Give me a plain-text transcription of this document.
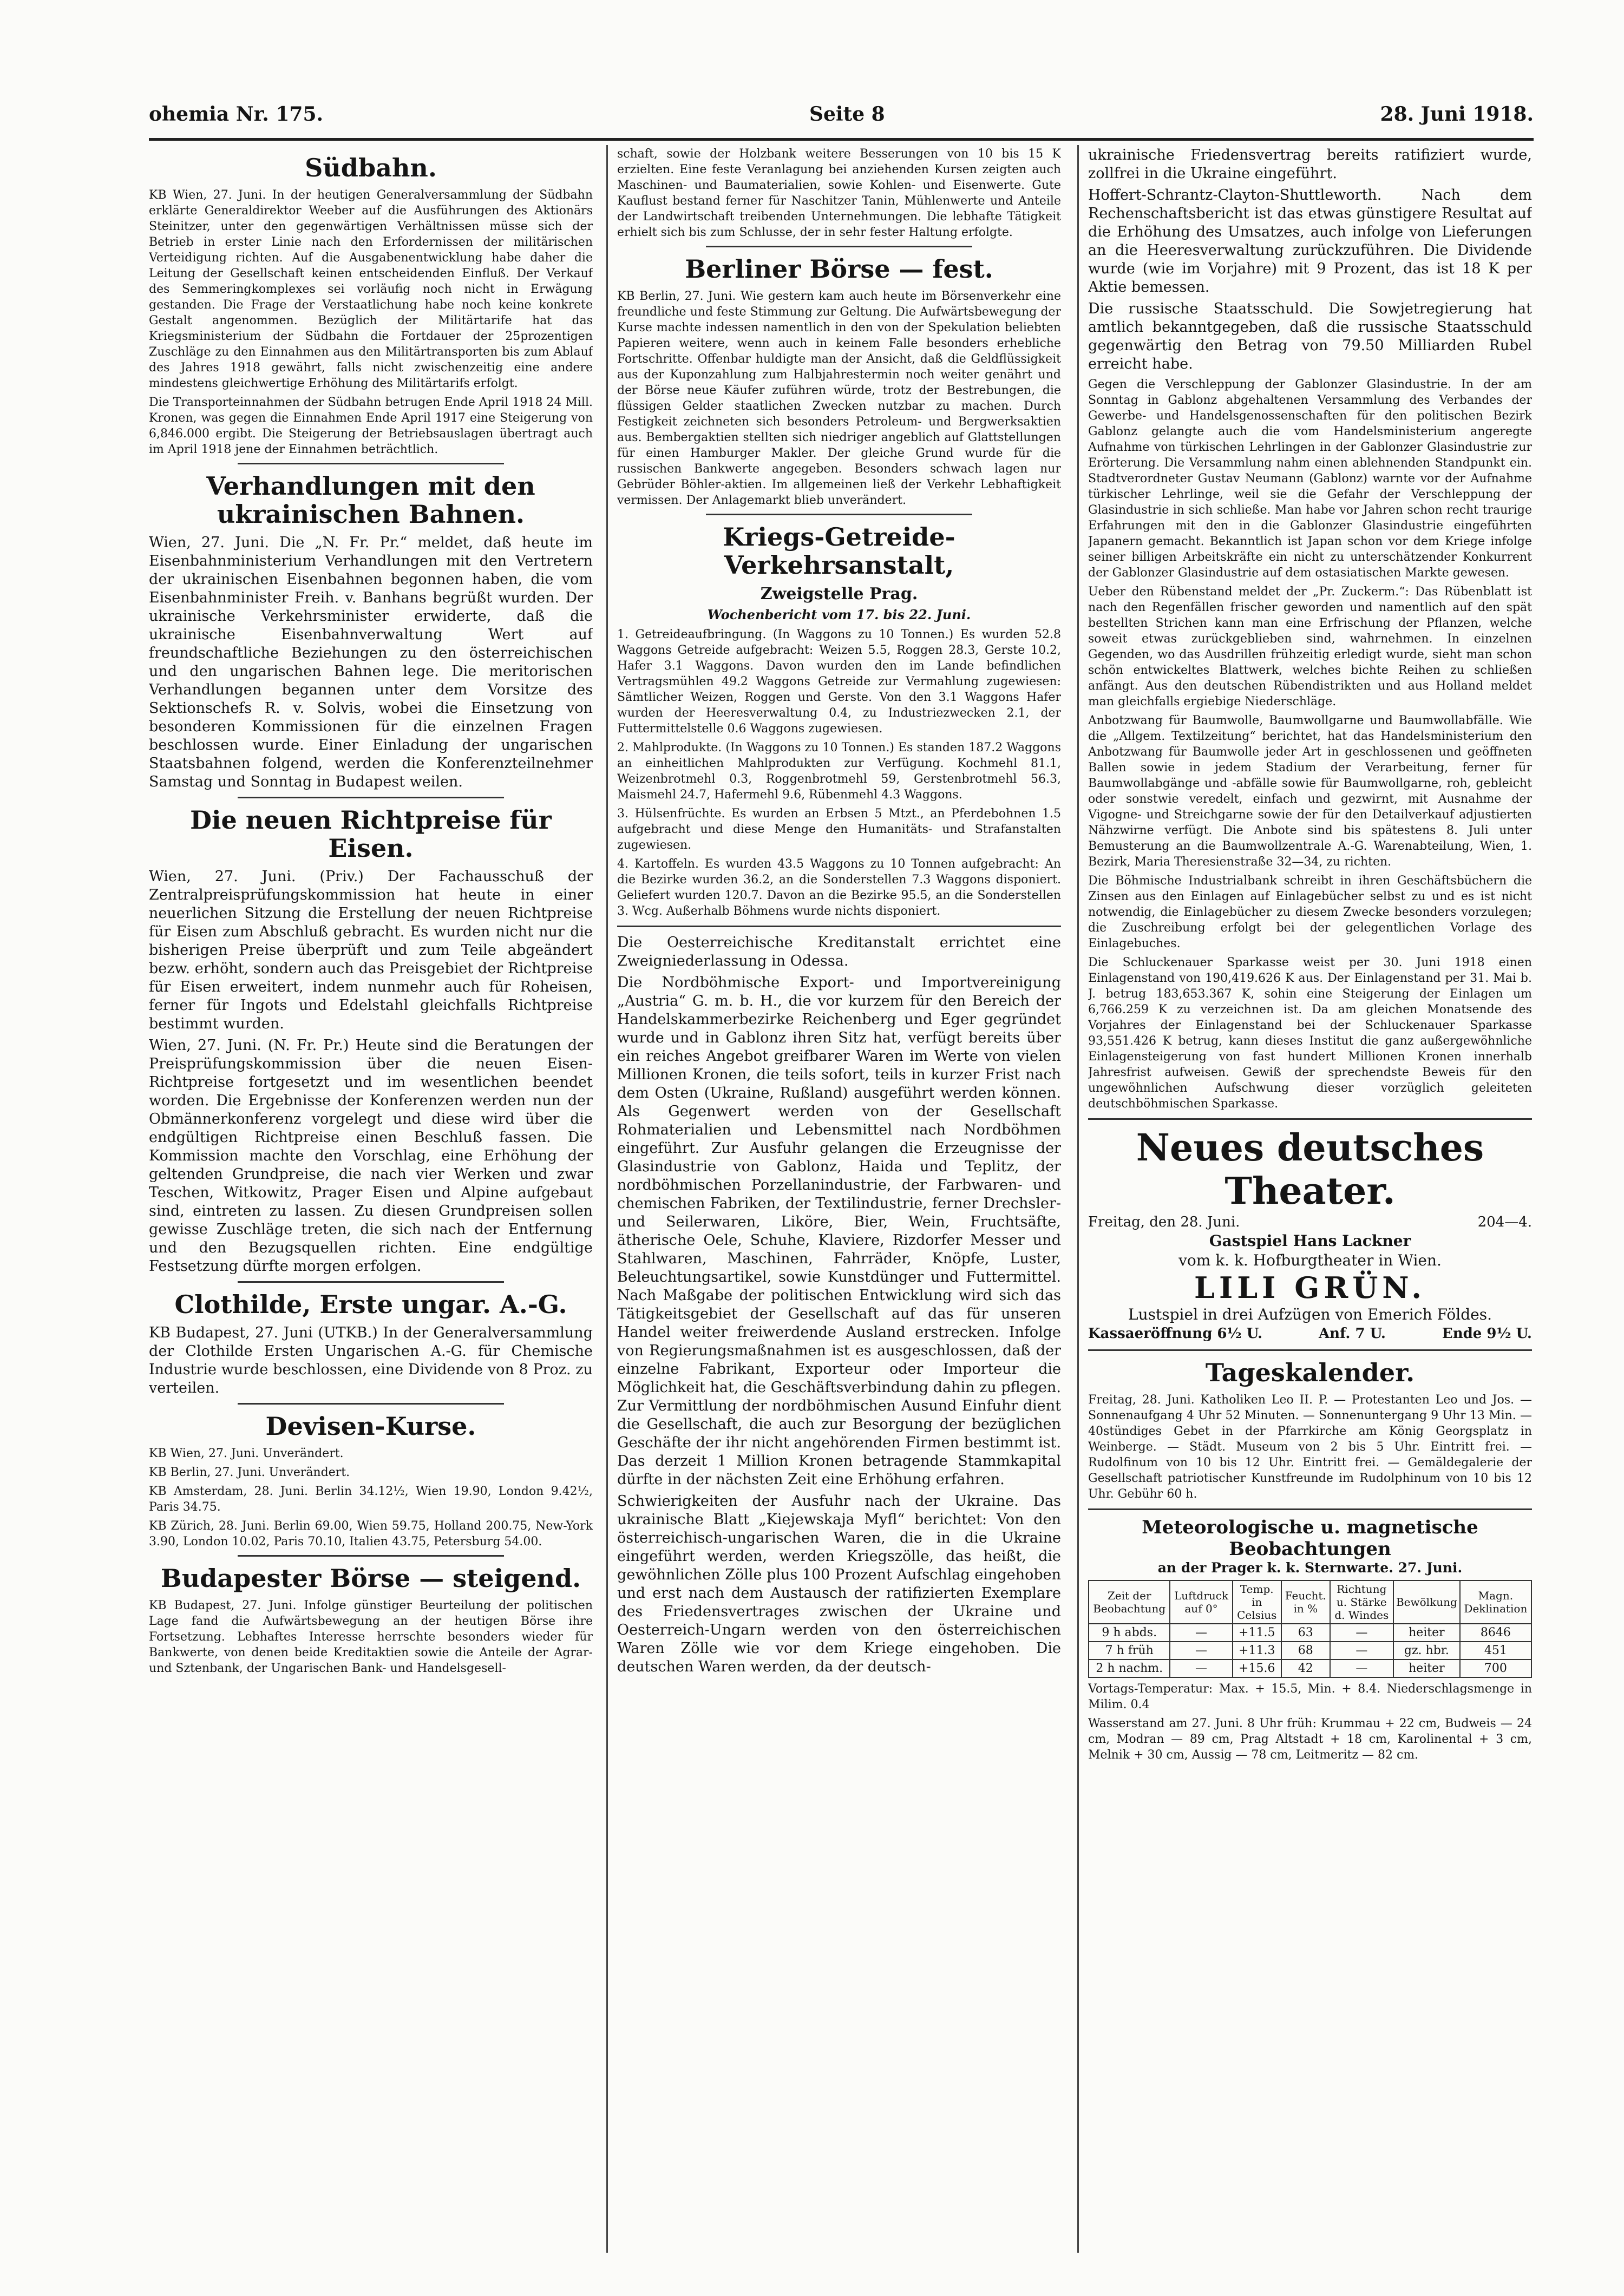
ohemia Nr. 175.	Seite 8	28. Juni 1918.
Südbahn.

KB Wien, 27. Juni. In der heutigen Generalversammlung der Südbahn erklärte Generaldirektor Weeber auf die Ausführungen des Aktionärs Steinitzer, unter den gegenwärtigen Verhältnissen müsse sich der Betrieb in erster Linie nach den Erfordernissen der militärischen Verteidigung richten. Auf die Ausgabenentwicklung habe daher die Leitung der Gesellschaft keinen entscheidenden Einfluß. Der Verkauf des Semmeringkomplexes sei vorläufig noch nicht in Erwägung gestanden. Die Frage der Verstaatlichung habe noch keine konkrete Gestalt angenommen. Bezüglich der Militärtarife hat das Kriegsministerium der Südbahn die Fortdauer der 25prozentigen Zuschläge zu den Einnahmen aus den Militärtransporten bis zum Ablauf des Jahres 1918 gewährt, falls nicht zwischenzeitig eine andere mindestens gleichwertige Erhöhung des Militärtarifs erfolgt.

Die Transporteinnahmen der Südbahn betrugen Ende April 1918 24 Mill. Kronen, was gegen die Einnahmen Ende April 1917 eine Steigerung von 6,846.000 ergibt. Die Steigerung der Betriebsauslagen übertragt auch im April 1918 jene der Einnahmen beträchtlich.

Verhandlungen mit den ukrainischen Bahnen.

Wien, 27. Juni. Die „N. Fr. Pr.“ meldet, daß heute im Eisenbahnministerium Verhandlungen mit den Vertretern der ukrainischen Eisenbahnen begonnen haben, die vom Eisenbahnminister Freih. v. Banhans begrüßt wurden. Der ukrainische Verkehrsminister erwiderte, daß die ukrainische Eisenbahnverwaltung Wert auf freundschaftliche Beziehungen zu den österreichischen und den ungarischen Bahnen lege. Die meritorischen Verhandlungen begannen unter dem Vorsitze des Sektionschefs R. v. Solvis, wobei die Einsetzung von besonderen Kommissionen für die einzelnen Fragen beschlossen wurde. Einer Einladung der ungarischen Staatsbahnen folgend, werden die Konferenzteilnehmer Samstag und Sonntag in Budapest weilen.

Die neuen Richtpreise für Eisen.

Wien, 27. Juni. (Priv.) Der Fachausschuß der Zentralpreisprüfungskommission hat heute in einer neuerlichen Sitzung die Erstellung der neuen Richtpreise für Eisen zum Abschluß gebracht. Es wurden nicht nur die bisherigen Preise überprüft und zum Teile abgeändert bezw. erhöht, sondern auch das Preisgebiet der Richtpreise für Eisen erweitert, indem nunmehr auch für Roheisen, ferner für Ingots und Edelstahl gleichfalls Richtpreise bestimmt wurden.

Wien, 27. Juni. (N. Fr. Pr.) Heute sind die Beratungen der Preisprüfungskommission über die neuen Eisen-Richtpreise fortgesetzt und im wesentlichen beendet worden. Die Ergebnisse der Konferenzen werden nun der Obmännerkonferenz vorgelegt und diese wird über die endgültigen Richtpreise einen Beschluß fassen. Die Kommission machte den Vorschlag, eine Erhöhung der geltenden Grundpreise, die nach vier Werken und zwar Teschen, Witkowitz, Prager Eisen und Alpine aufgebaut sind, eintreten zu lassen. Zu diesen Grundpreisen sollen gewisse Zuschläge treten, die sich nach der Entfernung und den Bezugsquellen richten. Eine endgültige Festsetzung dürfte morgen erfolgen.

Clothilde, Erste ungar. A.-G.

KB Budapest, 27. Juni (UTKB.) In der Generalversammlung der Clothilde Ersten Ungarischen A.-G. für Chemische Industrie wurde beschlossen, eine Dividende von 8 Proz. zu verteilen.

Devisen-Kurse.

KB Wien, 27. Juni. Unverändert.

KB Berlin, 27. Juni. Unverändert.

KB Amsterdam, 28. Juni. Berlin 34.12½, Wien 19.90, London 9.42½, Paris 34.75.

KB Zürich, 28. Juni. Berlin 69.00, Wien 59.75, Holland 200.75, New-York 3.90, London 10.02, Paris 70.10, Italien 43.75, Petersburg 54.00.

Budapester Börse — steigend.

KB Budapest, 27. Juni. Infolge günstiger Beurteilung der politischen Lage fand die Aufwärtsbewegung an der heutigen Börse ihre Fortsetzung. Lebhaftes Interesse herrschte besonders wieder für Bankwerte, von denen beide Kreditaktien sowie die Anteile der Agrar- und Sztenbank, der Ungarischen Bank- und Handelsgesell-

schaft, sowie der Holzbank weitere Besserungen von 10 bis 15 K erzielten. Eine feste Veranlagung bei anziehenden Kursen zeigten auch Maschinen- und Baumaterialien, sowie Kohlen- und Eisenwerte. Gute Kauflust bestand ferner für Naschitzer Tanin, Mühlenwerte und Anteile der Landwirtschaft treibenden Unternehmungen. Die lebhafte Tätigkeit erhielt sich bis zum Schlusse, der in sehr fester Haltung erfolgte.

Berliner Börse — fest.

KB Berlin, 27. Juni. Wie gestern kam auch heute im Börsenverkehr eine freundliche und feste Stimmung zur Geltung. Die Aufwärtsbewegung der Kurse machte indessen namentlich in den von der Spekulation beliebten Papieren weitere, wenn auch in keinem Falle besonders erhebliche Fortschritte. Offenbar huldigte man der Ansicht, daß die Geldflüssigkeit aus der Kuponzahlung zum Halbjahrestermin noch weiter genährt und der Börse neue Käufer zuführen würde, trotz der Bestrebungen, die flüssigen Gelder staatlichen Zwecken nutzbar zu machen. Durch Festigkeit zeichneten sich besonders Petroleum- und Bergwerksaktien aus. Bembergaktien stellten sich niedriger angeblich auf Glattstellungen für einen Hamburger Makler. Der gleiche Grund wurde für die russischen Bankwerte angegeben. Besonders schwach lagen nur Gebrüder Böhler-aktien. Im allgemeinen ließ der Verkehr Lebhaftigkeit vermissen. Der Anlagemarkt blieb unverändert.

Kriegs-Getreide-Verkehrsanstalt,
Zweigstelle Prag.
Wochenbericht vom 17. bis 22. Juni.

1. Getreideaufbringung. (In Waggons zu 10 Tonnen.) Es wurden 52.8 Waggons Getreide aufgebracht: Weizen 5.5, Roggen 28.3, Gerste 10.2, Hafer 3.1 Waggons. Davon wurden den im Lande befindlichen Vertragsmühlen 49.2 Waggons Getreide zur Vermahlung zugewiesen: Sämtlicher Weizen, Roggen und Gerste. Von den 3.1 Waggons Hafer wurden der Heeresverwaltung 0.4, zu Industriezwecken 2.1, der Futtermittelstelle 0.6 Waggons zugewiesen.

2. Mahlprodukte. (In Waggons zu 10 Tonnen.) Es standen 187.2 Waggons an einheitlichen Mahlprodukten zur Verfügung. Kochmehl 81.1, Weizenbrotmehl 0.3, Roggenbrotmehl 59, Gerstenbrotmehl 56.3, Maismehl 24.7, Hafermehl 9.6, Rübenmehl 4.3 Waggons.

3. Hülsenfrüchte. Es wurden an Erbsen 5 Mtzt., an Pferdebohnen 1.5 aufgebracht und diese Menge den Humanitäts- und Strafanstalten zugewiesen.

4. Kartoffeln. Es wurden 43.5 Waggons zu 10 Tonnen aufgebracht: An die Bezirke wurden 36.2, an die Sonderstellen 7.3 Waggons disponiert. Geliefert wurden 120.7. Davon an die Bezirke 95.5, an die Sonderstellen 3. Wcg. Außerhalb Böhmens wurde nichts disponiert.

Die Oesterreichische Kreditanstalt errichtet eine Zweigniederlassung in Odessa.

Die Nordböhmische Export- und Importvereinigung „Austria“ G. m. b. H., die vor kurzem für den Bereich der Handelskammerbezirke Reichenberg und Eger gegründet wurde und in Gablonz ihren Sitz hat, verfügt bereits über ein reiches Angebot greifbarer Waren im Werte von vielen Millionen Kronen, die teils sofort, teils in kurzer Frist nach dem Osten (Ukraine, Rußland) ausgeführt werden können. Als Gegenwert werden von der Gesellschaft Rohmaterialien und Lebensmittel nach Nordböhmen eingeführt. Zur Ausfuhr gelangen die Erzeugnisse der Glasindustrie von Gablonz, Haida und Teplitz, der nordböhmischen Porzellanindustrie, der Farbwaren- und chemischen Fabriken, der Textilindustrie, ferner Drechsler- und Seilerwaren, Liköre, Bier, Wein, Fruchtsäfte, ätherische Oele, Schuhe, Klaviere, Rizdorfer Messer und Stahlwaren, Maschinen, Fahrräder, Knöpfe, Luster, Beleuchtungsartikel, sowie Kunstdünger und Futtermittel. Nach Maßgabe der politischen Entwicklung wird sich das Tätigkeitsgebiet der Gesellschaft auf das für unseren Handel weiter freiwerdende Ausland erstrecken. Infolge von Regierungsmaßnahmen ist es ausgeschlossen, daß der einzelne Fabrikant, Exporteur oder Importeur die Möglichkeit hat, die Geschäftsverbindung dahin zu pflegen. Zur Vermittlung der nordböhmischen Ausund Einfuhr dient die Gesellschaft, die auch zur Besorgung der bezüglichen Geschäfte der ihr nicht angehörenden Firmen bestimmt ist. Das derzeit 1 Million Kronen betragende Stammkapital dürfte in der nächsten Zeit eine Erhöhung erfahren.

Schwierigkeiten der Ausfuhr nach der Ukraine. Das ukrainische Blatt „Kiejewskaja Myfl“ berichtet: Von den österreichisch-ungarischen Waren, die in die Ukraine eingeführt werden, werden Kriegszölle, das heißt, die gewöhnlichen Zölle plus 100 Prozent Aufschlag eingehoben und erst nach dem Austausch der ratifizierten Exemplare des Friedensvertrages zwischen der Ukraine und Oesterreich-Ungarn werden von den österreichischen Waren Zölle wie vor dem Kriege eingehoben. Die deutschen Waren werden, da der deutsch-

ukrainische Friedensvertrag bereits ratifiziert wurde, zollfrei in die Ukraine eingeführt.

Hoffert-Schrantz-Clayton-Shuttleworth. Nach dem Rechenschaftsbericht ist das etwas günstigere Resultat auf die Erhöhung des Umsatzes, auch infolge von Lieferungen an die Heeresverwaltung zurückzuführen. Die Dividende wurde (wie im Vorjahre) mit 9 Prozent, das ist 18 K per Aktie bemessen.

Die russische Staatsschuld. Die Sowjetregierung hat amtlich bekanntgegeben, daß die russische Staatsschuld gegenwärtig den Betrag von 79.50 Milliarden Rubel erreicht habe.

Gegen die Verschleppung der Gablonzer Glasindustrie. In der am Sonntag in Gablonz abgehaltenen Versammlung des Verbandes der Gewerbe- und Handelsgenossenschaften für den politischen Bezirk Gablonz gelangte auch die vom Handelsministerium angeregte Aufnahme von türkischen Lehrlingen in der Gablonzer Glasindustrie zur Erörterung. Die Versammlung nahm einen ablehnenden Standpunkt ein. Stadtverordneter Gustav Neumann (Gablonz) warnte vor der Aufnahme türkischer Lehrlinge, weil sie die Gefahr der Verschleppung der Glasindustrie in sich schließe. Man habe vor Jahren schon recht traurige Erfahrungen mit den in die Gablonzer Glasindustrie eingeführten Japanern gemacht. Bekanntlich ist Japan schon vor dem Kriege infolge seiner billigen Arbeitskräfte ein nicht zu unterschätzender Konkurrent der Gablonzer Glasindustrie auf dem ostasiatischen Markte gewesen.

Ueber den Rübenstand meldet der „Pr. Zuckerm.“: Das Rübenblatt ist nach den Regenfällen frischer geworden und namentlich auf den spät bestellten Strichen kann man eine Erfrischung der Pflanzen, welche soweit etwas zurückgeblieben sind, wahrnehmen. In einzelnen Gegenden, wo das Ausdrillen frühzeitig erledigt wurde, sieht man schon schön entwickeltes Blattwerk, welches bichte Reihen zu schließen anfängt. Aus den deutschen Rübendistrikten und aus Holland meldet man gleichfalls ergiebige Niederschläge.

Anbotzwang für Baumwolle, Baumwollgarne und Baumwollabfälle. Wie die „Allgem. Textilzeitung“ berichtet, hat das Handelsministerium den Anbotzwang für Baumwolle jeder Art in geschlossenen und geöffneten Ballen sowie in jedem Stadium der Verarbeitung, ferner für Baumwollabgänge und -abfälle sowie für Baumwollgarne, roh, gebleicht oder sonstwie veredelt, einfach und gezwirnt, mit Ausnahme der Vigogne- und Streichgarne sowie der für den Detailverkauf adjustierten Nähzwirne verfügt. Die Anbote sind bis spätestens 8. Juli unter Bemusterung an die Baumwollzentrale A.-G. Warenabteilung, Wien, 1. Bezirk, Maria Theresienstraße 32—34, zu richten.

Die Böhmische Industrialbank schreibt in ihren Geschäftsbüchern die Zinsen aus den Einlagen auf Einlagebücher selbst zu und es ist nicht notwendig, die Einlagebücher zu diesem Zwecke besonders vorzulegen; die Zuschreibung erfolgt bei der gelegentlichen Vorlage des Einlagebuches.

Die Schluckenauer Sparkasse weist per 30. Juni 1918 einen Einlagenstand von 190,419.626 K aus. Der Einlagenstand per 31. Mai b. J. betrug 183,653.367 K, sohin eine Steigerung der Einlagen um 6,766.259 K zu verzeichnen ist. Da am gleichen Monatsende des Vorjahres der Einlagenstand bei der Schluckenauer Sparkasse 93,551.426 K betrug, kann dieses Institut die ganz außergewöhnliche Einlagensteigerung von fast hundert Millionen Kronen innerhalb Jahresfrist aufweisen. Gewiß der sprechendste Beweis für den ungewöhnlichen Aufschwung dieser vorzüglich geleiteten deutschböhmischen Sparkasse.

Neues deutsches Theater.
Freitag, den 28. Juni.	204—4.
Gastspiel Hans Lackner
vom k. k. Hofburgtheater in Wien.
LILI GRÜN.
Lustspiel in drei Aufzügen von Emerich Földes.
Kassaeröffnung 6½ U.	Anf. 7 U.	Ende 9½ U.
Tageskalender.

Freitag, 28. Juni. Katholiken Leo II. P. — Protestanten Leo und Jos. — Sonnenaufgang 4 Uhr 52 Minuten. — Sonnenuntergang 9 Uhr 13 Min. — 40stündiges Gebet in der Pfarrkirche am König Georgsplatz in Weinberge. — Städt. Museum von 2 bis 5 Uhr. Eintritt frei. — Rudolfinum von 10 bis 12 Uhr. Eintritt frei. — Gemäldegalerie der Gesellschaft patriotischer Kunstfreunde im Rudolphinum von 10 bis 12 Uhr. Gebühr 60 h.

Meteorologische u. magnetische Beobachtungen
an der Prager k. k. Sternwarte. 27. Juni.
Zeit der Beobachtung	Luftdruck auf 0°	Temp. in Celsius	Feucht. in %	Richtung u. Stärke d. Windes	Bewölkung	Magn. Deklination
9 h abds.	—	+11.5	63	—	heiter	8646
7 h früh	—	+11.3	68	—	gz. hbr.	451
2 h nachm.	—	+15.6	42	—	heiter	700

Vortags-Temperatur: Max. + 15.5, Min. + 8.4. Niederschlagsmenge in Milim. 0.4

Wasserstand am 27. Juni. 8 Uhr früh: Krummau + 22 cm, Budweis — 24 cm, Modran — 89 cm, Prag Altstadt + 18 cm, Karolinental + 3 cm, Melnik + 30 cm, Aussig — 78 cm, Leitmeritz — 82 cm.
